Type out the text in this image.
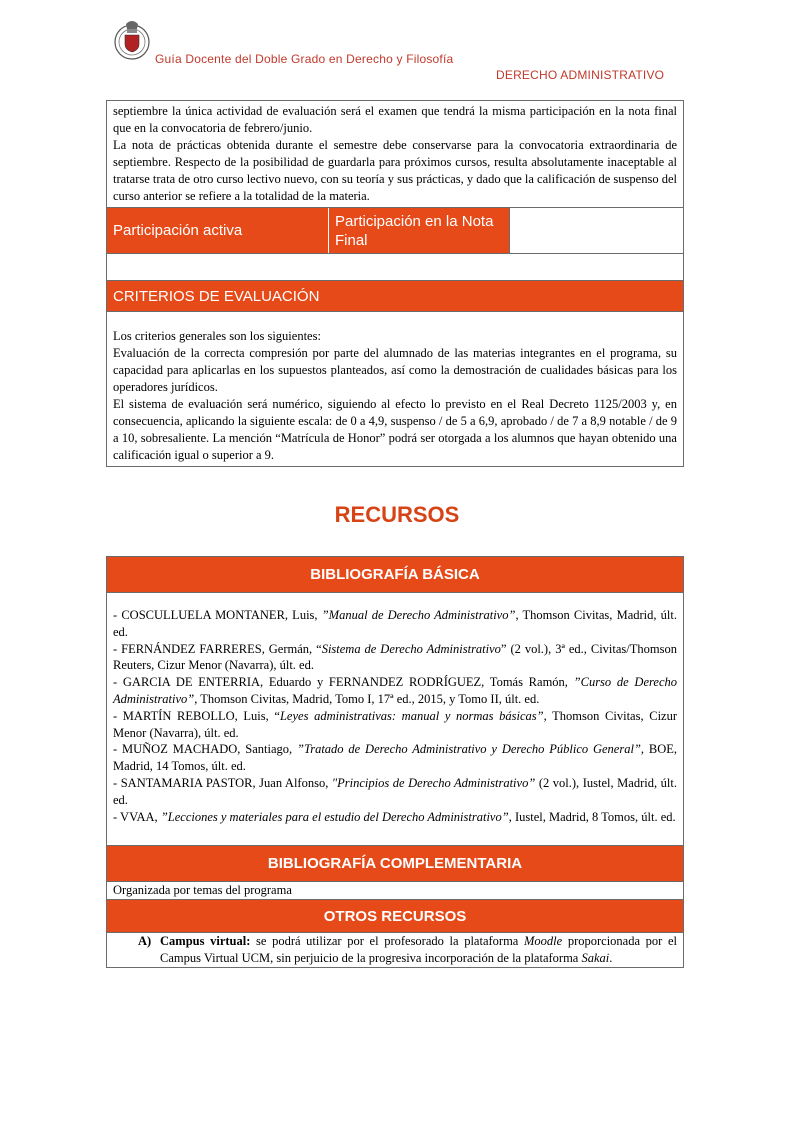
Guía Docente del Doble Grado en Derecho y Filosofía
DERECHO ADMINISTRATIVO

septiembre la única actividad de evaluación será el examen que tendrá la misma participación en la nota final que en la convocatoria de febrero/junio.

La nota de prácticas obtenida durante el semestre debe conservarse para la convocatoria extraordinaria de septiembre. Respecto de la posibilidad de guardarla para próximos cursos, resulta absolutamente inaceptable al tratarse trata de otro curso lectivo nuevo, con su teoría y sus prácticas, y dado que la calificación de suspenso del curso anterior se refiere a la totalidad de la materia.

Participación activa
Participación en la Nota Final
CRITERIOS DE EVALUACIÓN

Los criterios generales son los siguientes:

Evaluación de la correcta compresión por parte del alumnado de las materias integrantes en el programa, su capacidad para aplicarlas en los supuestos planteados, así como la demostración de cualidades básicas para los operadores jurídicos.

El sistema de evaluación será numérico, siguiendo al efecto lo previsto en el Real Decreto 1125/2003 y, en consecuencia, aplicando la siguiente escala: de 0 a 4,9, suspenso / de 5 a 6,9, aprobado / de 7 a 8,9 notable / de 9 a 10, sobresaliente. La mención “Matrícula de Honor” podrá ser otorgada a los alumnos que hayan obtenido una calificación igual o superior a 9.

RECURSOS
BIBLIOGRAFÍA BÁSICA

- COSCULLUELA MONTANER, Luis, ”Manual de Derecho Administrativo”, Thomson Civitas, Madrid, últ. ed.

- FERNÁNDEZ FARRERES, Germán, “Sistema de Derecho Administrativo” (2 vol.), 3ª ed., Civitas/Thomson Reuters, Cizur Menor (Navarra), últ. ed.

- GARCIA DE ENTERRIA, Eduardo y FERNANDEZ RODRÍGUEZ, Tomás Ramón, ”Curso de Derecho Administrativo”, Thomson Civitas, Madrid, Tomo I, 17ª ed., 2015, y Tomo II, últ. ed.

- MARTÍN REBOLLO, Luis, “Leyes administrativas: manual y normas básicas”, Thomson Civitas, Cizur Menor (Navarra), últ. ed.

- MUÑOZ MACHADO, Santiago, ”Tratado de Derecho Administrativo y Derecho Público General”, BOE, Madrid, 14 Tomos, últ. ed.

- SANTAMARIA PASTOR, Juan Alfonso, "Principios de Derecho Administrativo” (2 vol.), Iustel, Madrid, últ. ed.

- VVAA, ”Lecciones y materiales para el estudio del Derecho Administrativo”, Iustel, Madrid, 8 Tomos, últ. ed.

BIBLIOGRAFÍA COMPLEMENTARIA
Organizada por temas del programa
OTROS RECURSOS
A) Campus virtual: se podrá utilizar por el profesorado la plataforma Moodle proporcionada por el Campus Virtual UCM, sin perjuicio de la progresiva incorporación de la plataforma Sakai.
